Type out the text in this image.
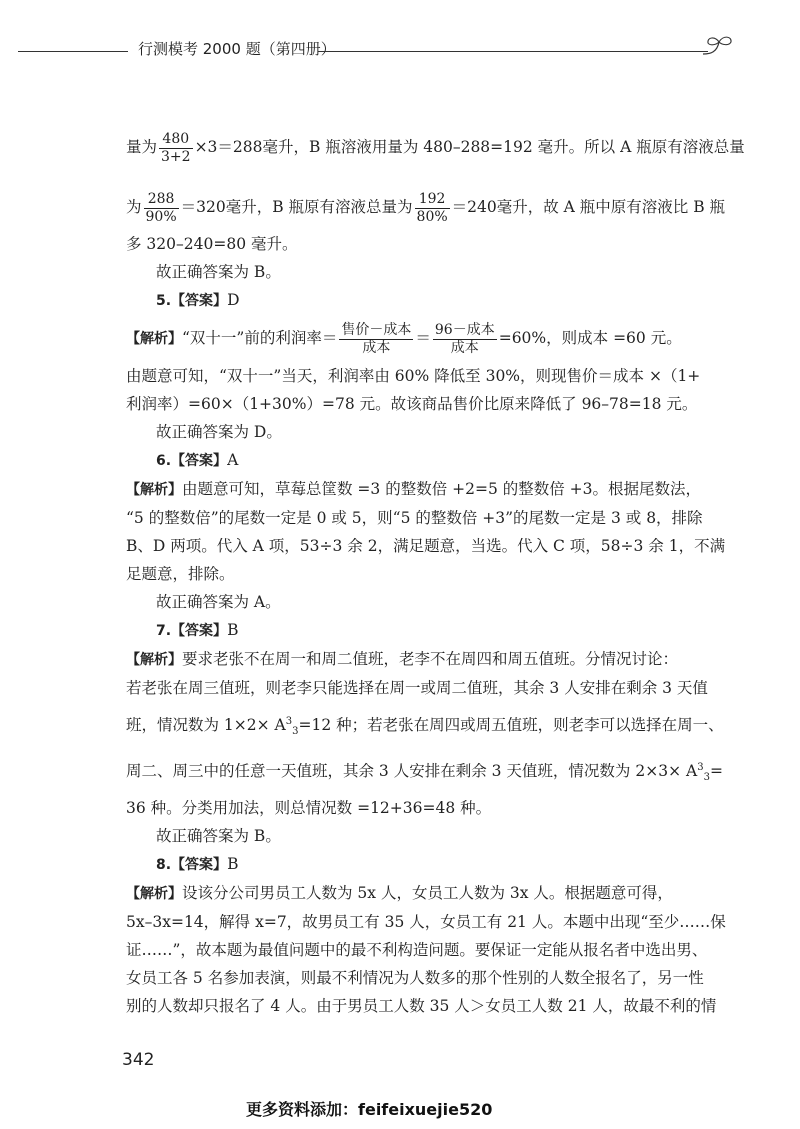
行测模考 2000 题（第四册）
量为 $\frac{480}{3+2} \times 3=288$毫升，B 瓶溶液用量为 480–288=192 毫升。所以 A 瓶原有溶液总量
为 $\frac{288}{90\%} =320$毫升，B 瓶原有溶液总量为 $\frac{192}{80\%} =240$毫升，故 A 瓶中原有溶液比 B 瓶
多 320–240=80 毫升。
故正确答案为 B。
5.【答案】D
【解析】“双十一”前的利润率＝ $\frac{\text{售价－成本}}{\text{成本}} = \frac{\text{96－成本}}{\text{成本}} =60\%$，则成本 =60 元。
由题意可知，“双十一”当天，利润率由 60% 降低至 30%，则现售价＝成本 ×（1+
利润率）=60×（1+30%）=78 元。故该商品售价比原来降低了 96–78=18 元。
故正确答案为 D。
6.【答案】A
【解析】由题意可知，草莓总筐数 =3 的整数倍 +2=5 的整数倍 +3。根据尾数法，
“5 的整数倍”的尾数一定是 0 或 5，则“5 的整数倍 +3”的尾数一定是 3 或 8，排除
B、D 两项。代入 A 项，53÷3 余 2，满足题意，当选。代入 C 项，58÷3 余 1，不满
足题意，排除。
故正确答案为 A。
7.【答案】B
【解析】要求老张不在周一和周二值班，老李不在周四和周五值班。分情况讨论：
若老张在周三值班，则老李只能选择在周一或周二值班，其余 3 人安排在剩余 3 天值
班，情况数为 $1\times 2\times A^3_3=12$ 种；若老张在周四或周五值班，则老李可以选择在周一、
周二、周三中的任意一天值班，其余 3 人安排在剩余 3 天值班，情况数为 $2\times 3\times A^3_3=$
36 种。分类用加法，则总情况数 =12+36=48 种。
故正确答案为 B。
8.【答案】B
【解析】设该分公司男员工人数为 5x 人，女员工人数为 3x 人。根据题意可得，
5x–3x=14，解得 x=7，故男员工有 35 人，女员工有 21 人。本题中出现“至少……保
证……”，故本题为最值问题中的最不利构造问题。要保证一定能从报名者中选出男、
女员工各 5 名参加表演，则最不利情况为人数多的那个性别的人数全报名了，另一性
别的人数却只报名了 4 人。由于男员工人数 35 人＞女员工人数 21 人，故最不利的情
342
更多资料添加：feifeixuejie520
